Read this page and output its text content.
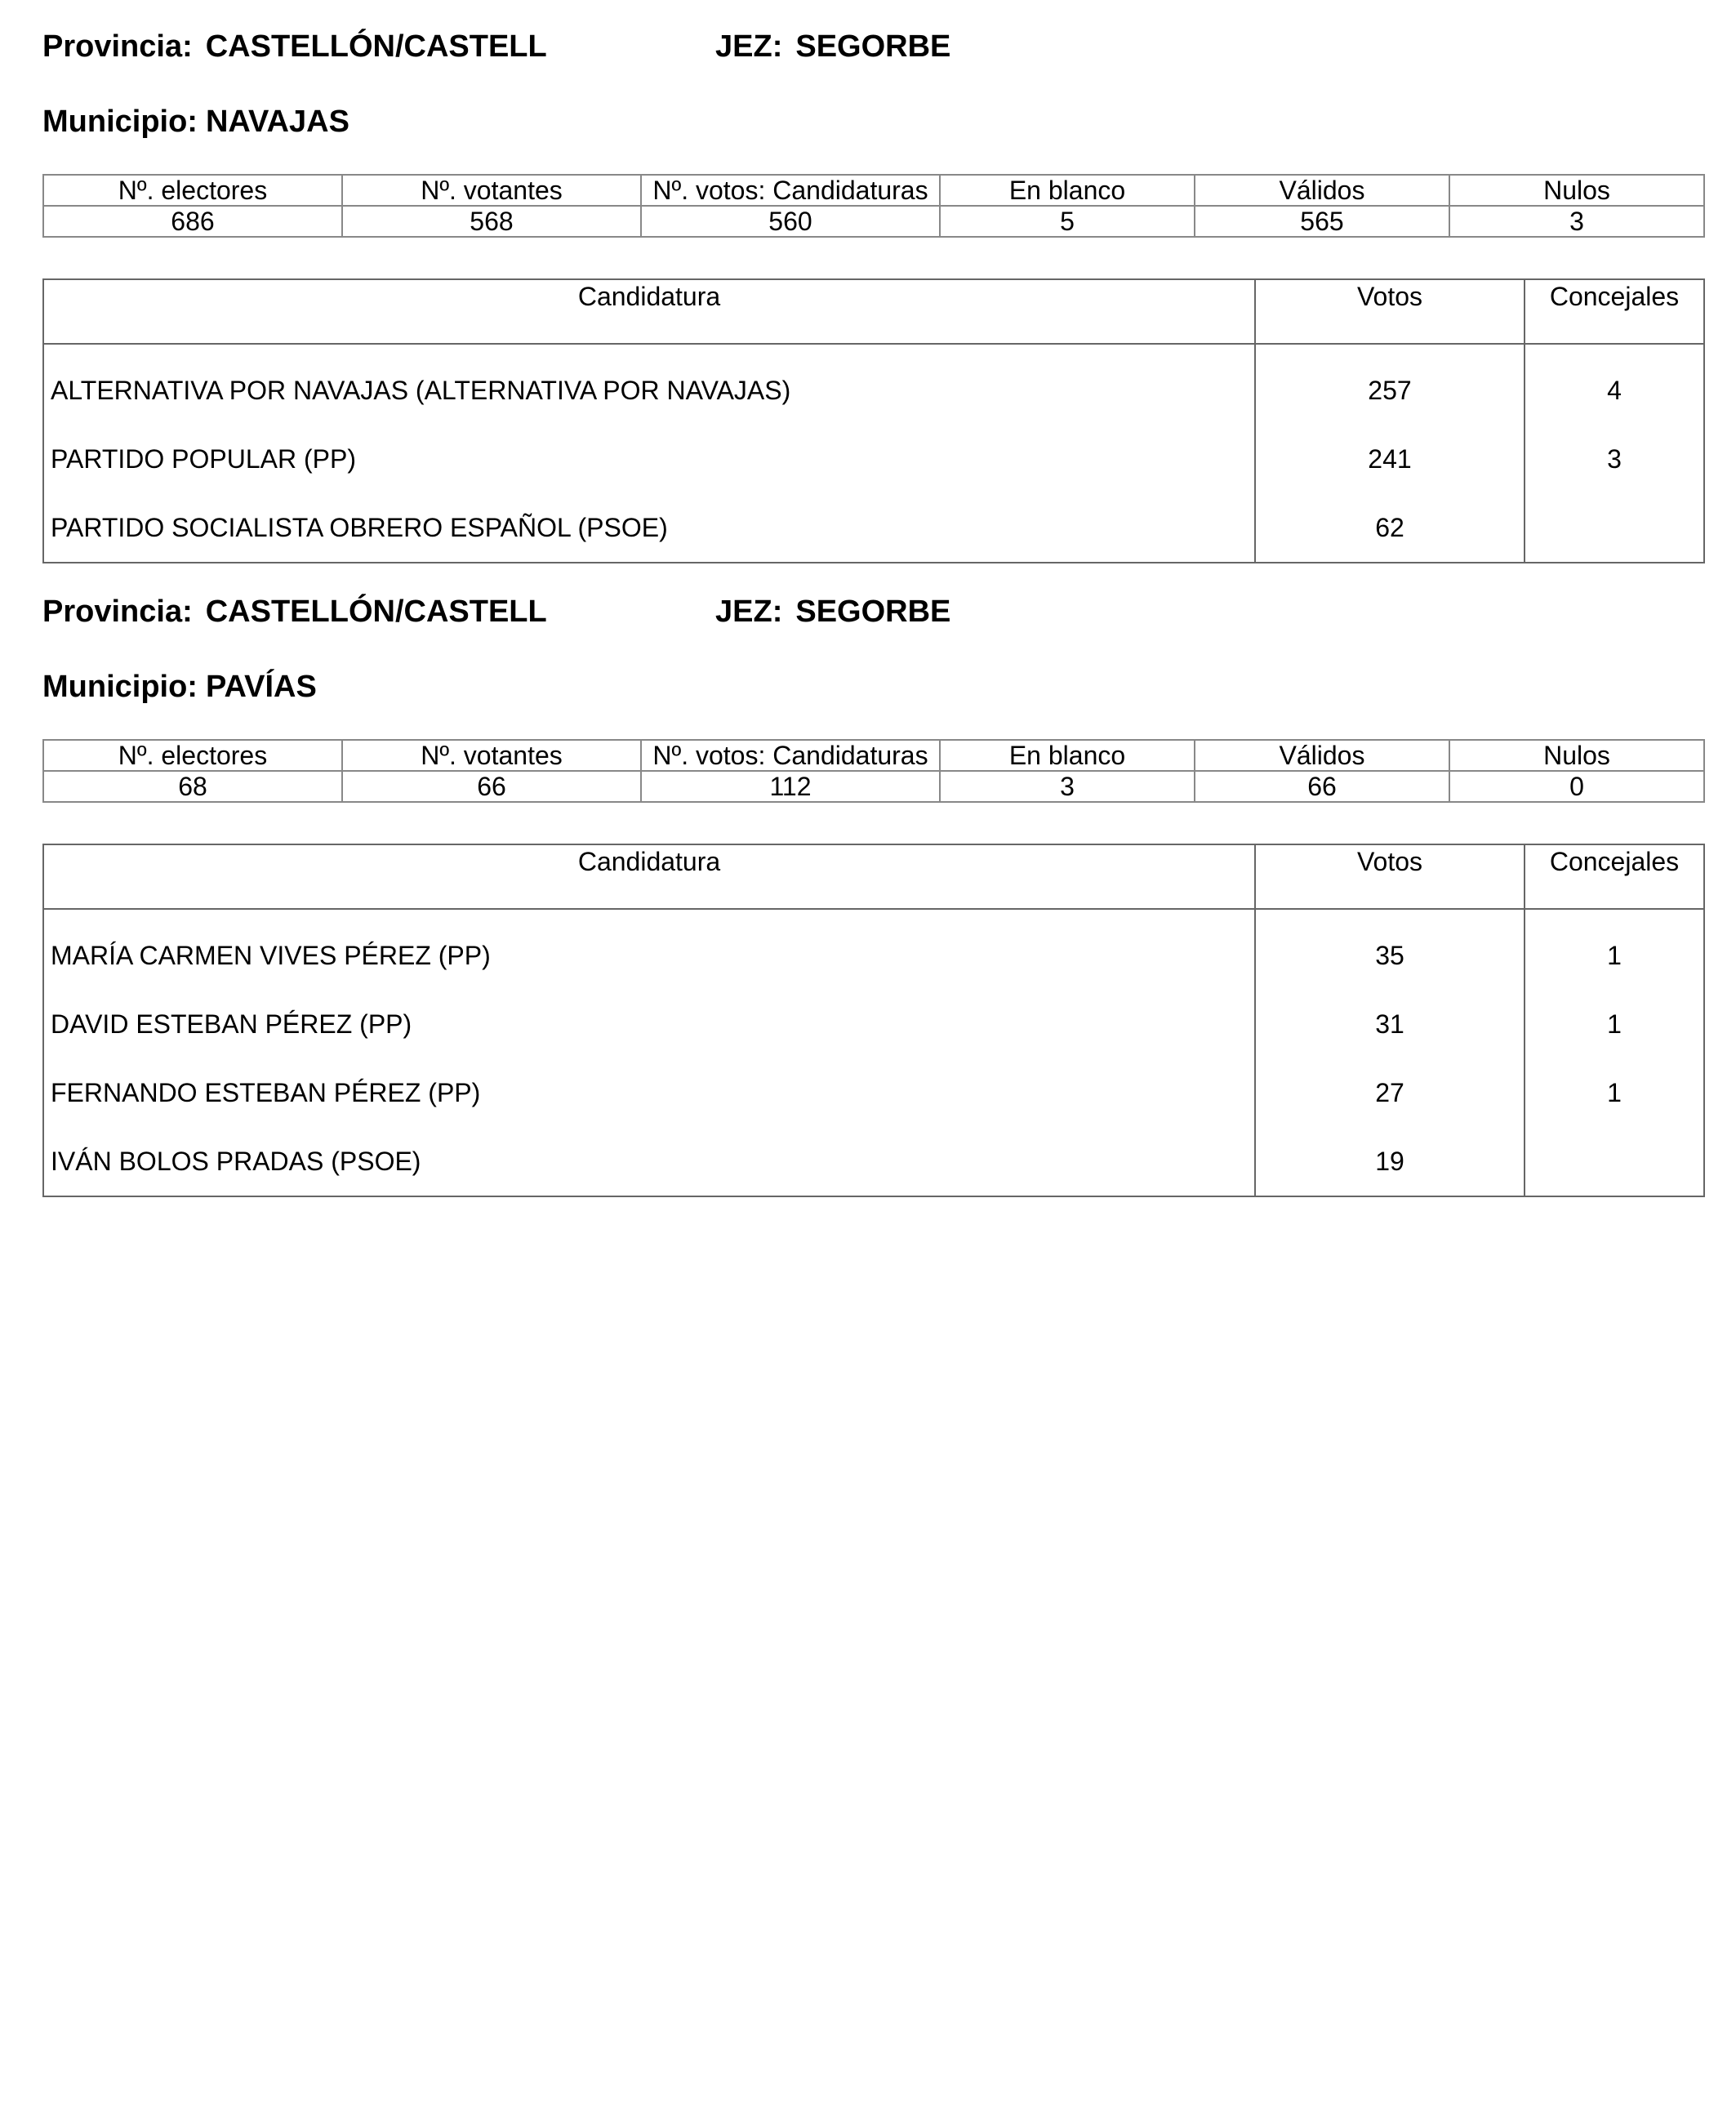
Provincia: CASTELLÓN/CASTELL	JEZ: SEGORBE
Municipio: NAVAJAS
Nº. electores	Nº. votantes	Nº. votos: Candidaturas	En blanco	Válidos	Nulos
686	568	560	5	565	3
Candidatura	Votos	Concejales
ALTERNATIVA POR NAVAJAS (ALTERNATIVA POR NAVAJAS)	257	4
PARTIDO POPULAR (PP)	241	3
PARTIDO SOCIALISTA OBRERO ESPAÑOL (PSOE)	62	
Provincia: CASTELLÓN/CASTELL	JEZ: SEGORBE
Municipio: PAVÍAS
Nº. electores	Nº. votantes	Nº. votos: Candidaturas	En blanco	Válidos	Nulos
68	66	112	3	66	0
Candidatura	Votos	Concejales
MARÍA CARMEN VIVES PÉREZ (PP)	35	1
DAVID ESTEBAN PÉREZ (PP)	31	1
FERNANDO ESTEBAN PÉREZ (PP)	27	1
IVÁN BOLOS PRADAS (PSOE)	19	
